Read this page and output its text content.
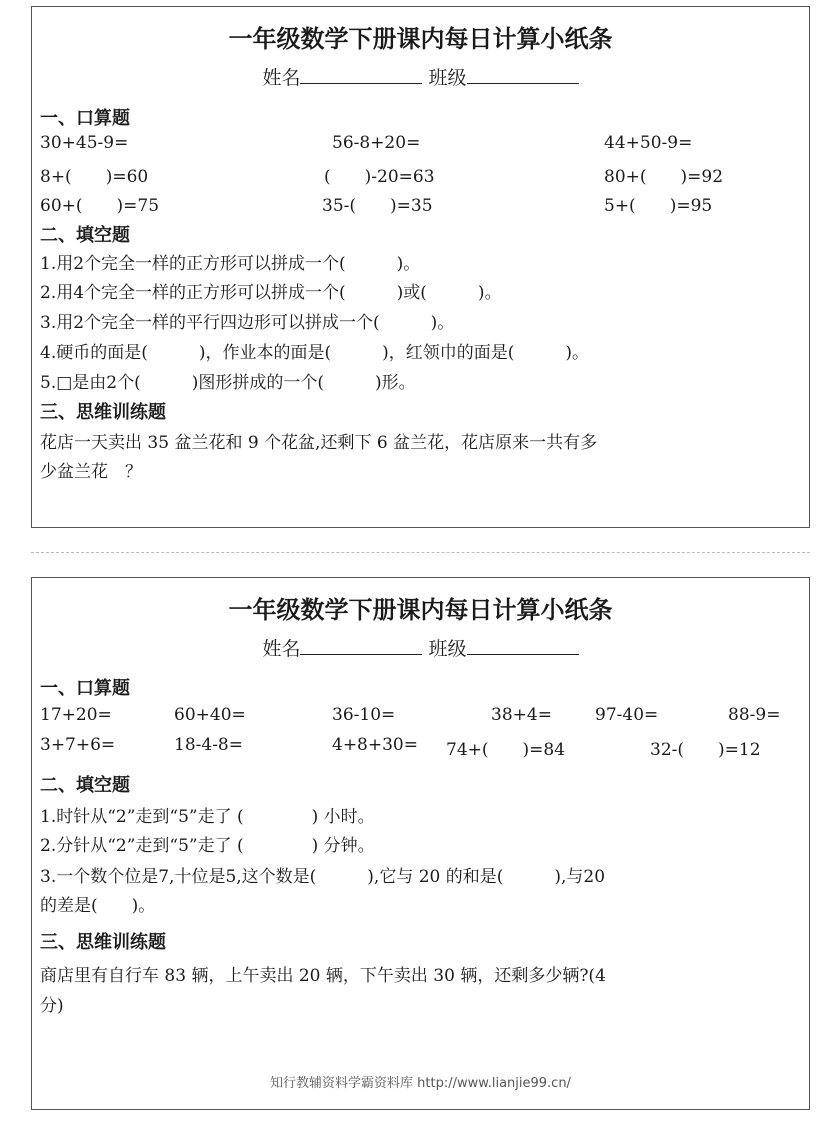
一年级数学下册课内每日计算小纸条
姓名	班级
一、口算题
30+45-9=	56-8+20=	44+50-9=
8+(　　)=60	(　　)-20=63	80+(　　)=92
60+(　　)=75	35-(　　)=35	5+(　　)=95
二、填空题
1.用2个完全一样的正方形可以拼成一个(　　　)。
2.用4个完全一样的正方形可以拼成一个(　　　)或(　　　)。
3.用2个完全一样的平行四边形可以拼成一个(　　　)。
4.硬币的面是(　　　)，作业本的面是(　　　)，红领巾的面是(　　　)。
5.□是由2个(　　　)图形拼成的一个(　　　)形。
三、思维训练题
花店一天卖出 35 盆兰花和 9 个花盆,还剩下 6 盆兰花，花店原来一共有多
少盆兰花　？
一年级数学下册课内每日计算小纸条
姓名	班级
一、口算题
17+20=	60+40=	36-10=	38+4=	97-40=	88-9=
3+7+6=	18-4-8=	4+8+30= 74+(　　)=84	32-(　　)=12
二、填空题
1.时针从“2”走到“5”走了 (　　　　) 小时。
2.分针从“2”走到“5”走了 (　　　　) 分钟。
3.一个数个位是7,十位是5,这个数是(　　　),它与 20 的和是(　　　),与20
的差是(　　)。
三、思维训练题
商店里有自行车 83 辆，上午卖出 20 辆，下午卖出 30 辆，还剩多少辆?(4
分)
知行教辅资料学霸资料库 http://www.lianjie99.cn/
